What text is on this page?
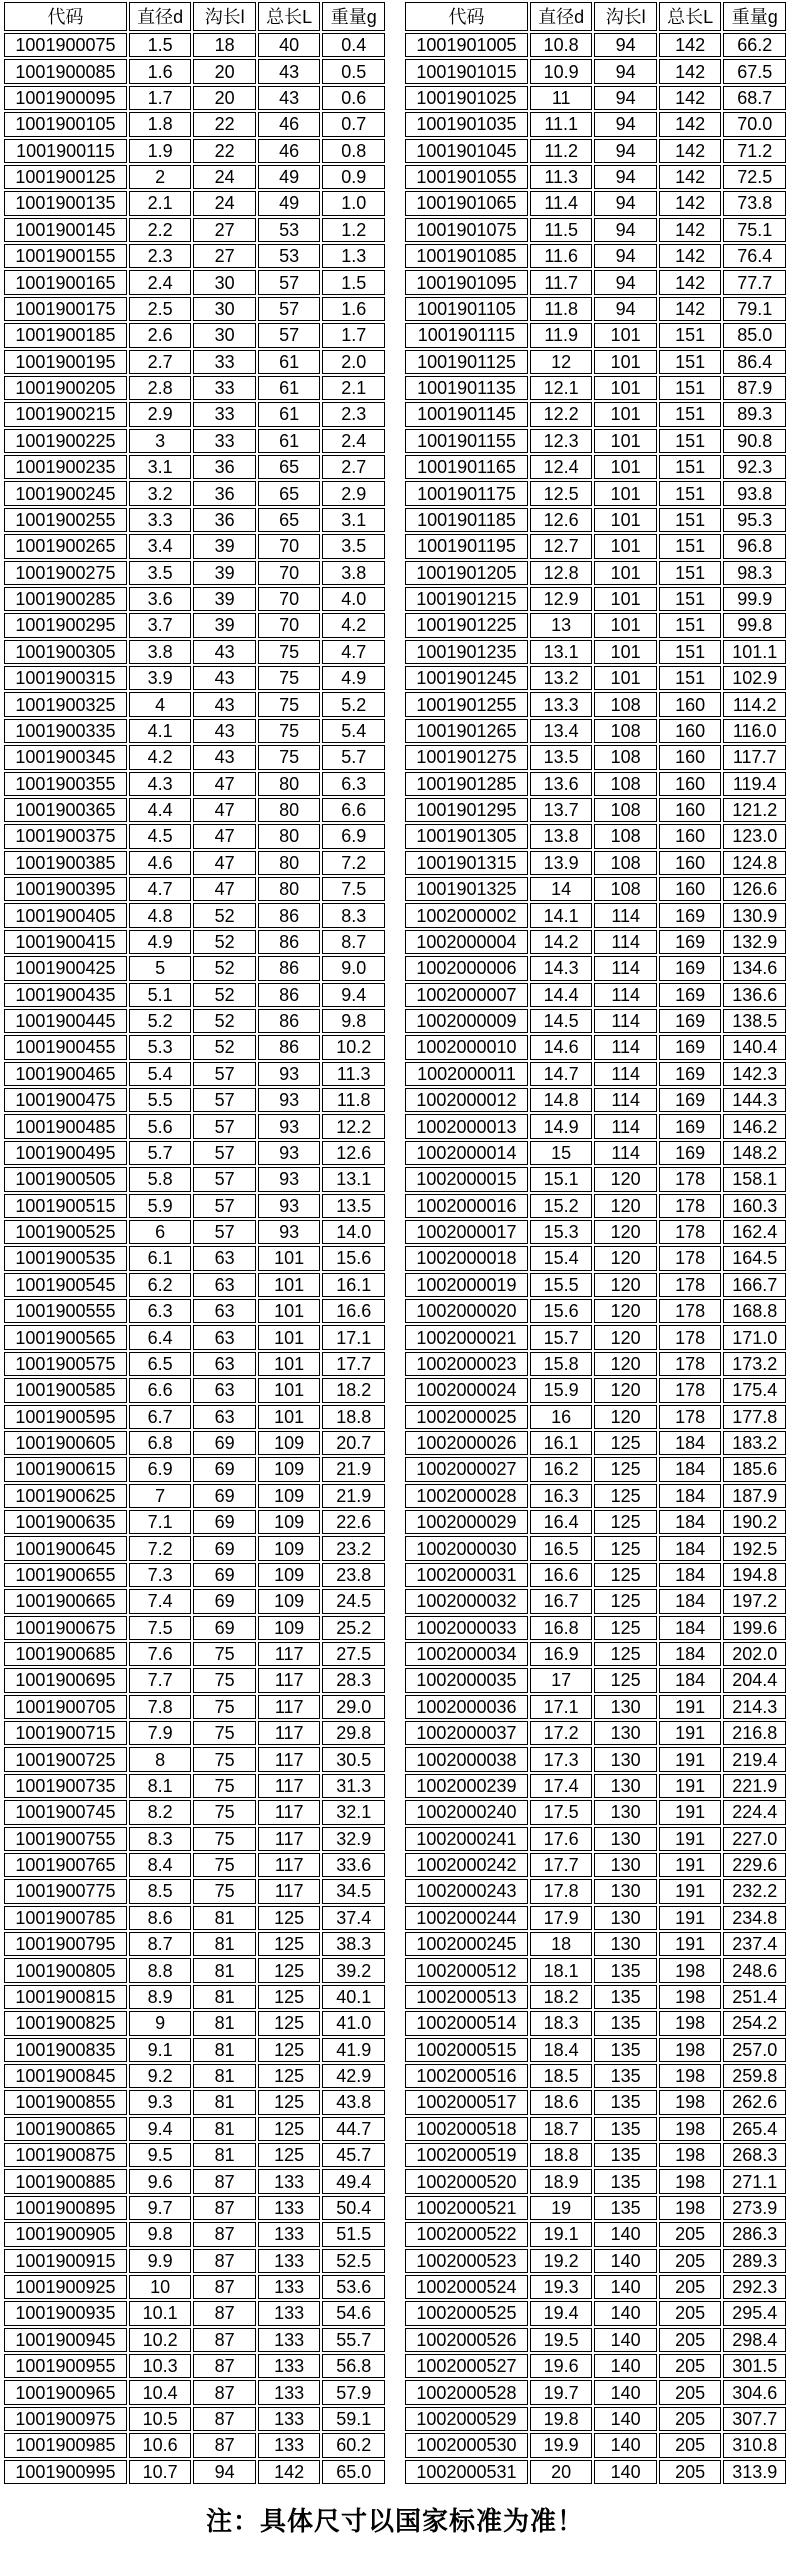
代码	直径d	沟长l	总长L	重量g
1001900075	1.5	18	40	0.4
1001900085	1.6	20	43	0.5
1001900095	1.7	20	43	0.6
1001900105	1.8	22	46	0.7
1001900115	1.9	22	46	0.8
1001900125	2	24	49	0.9
1001900135	2.1	24	49	1.0
1001900145	2.2	27	53	1.2
1001900155	2.3	27	53	1.3
1001900165	2.4	30	57	1.5
1001900175	2.5	30	57	1.6
1001900185	2.6	30	57	1.7
1001900195	2.7	33	61	2.0
1001900205	2.8	33	61	2.1
1001900215	2.9	33	61	2.3
1001900225	3	33	61	2.4
1001900235	3.1	36	65	2.7
1001900245	3.2	36	65	2.9
1001900255	3.3	36	65	3.1
1001900265	3.4	39	70	3.5
1001900275	3.5	39	70	3.8
1001900285	3.6	39	70	4.0
1001900295	3.7	39	70	4.2
1001900305	3.8	43	75	4.7
1001900315	3.9	43	75	4.9
1001900325	4	43	75	5.2
1001900335	4.1	43	75	5.4
1001900345	4.2	43	75	5.7
1001900355	4.3	47	80	6.3
1001900365	4.4	47	80	6.6
1001900375	4.5	47	80	6.9
1001900385	4.6	47	80	7.2
1001900395	4.7	47	80	7.5
1001900405	4.8	52	86	8.3
1001900415	4.9	52	86	8.7
1001900425	5	52	86	9.0
1001900435	5.1	52	86	9.4
1001900445	5.2	52	86	9.8
1001900455	5.3	52	86	10.2
1001900465	5.4	57	93	11.3
1001900475	5.5	57	93	11.8
1001900485	5.6	57	93	12.2
1001900495	5.7	57	93	12.6
1001900505	5.8	57	93	13.1
1001900515	5.9	57	93	13.5
1001900525	6	57	93	14.0
1001900535	6.1	63	101	15.6
1001900545	6.2	63	101	16.1
1001900555	6.3	63	101	16.6
1001900565	6.4	63	101	17.1
1001900575	6.5	63	101	17.7
1001900585	6.6	63	101	18.2
1001900595	6.7	63	101	18.8
1001900605	6.8	69	109	20.7
1001900615	6.9	69	109	21.9
1001900625	7	69	109	21.9
1001900635	7.1	69	109	22.6
1001900645	7.2	69	109	23.2
1001900655	7.3	69	109	23.8
1001900665	7.4	69	109	24.5
1001900675	7.5	69	109	25.2
1001900685	7.6	75	117	27.5
1001900695	7.7	75	117	28.3
1001900705	7.8	75	117	29.0
1001900715	7.9	75	117	29.8
1001900725	8	75	117	30.5
1001900735	8.1	75	117	31.3
1001900745	8.2	75	117	32.1
1001900755	8.3	75	117	32.9
1001900765	8.4	75	117	33.6
1001900775	8.5	75	117	34.5
1001900785	8.6	81	125	37.4
1001900795	8.7	81	125	38.3
1001900805	8.8	81	125	39.2
1001900815	8.9	81	125	40.1
1001900825	9	81	125	41.0
1001900835	9.1	81	125	41.9
1001900845	9.2	81	125	42.9
1001900855	9.3	81	125	43.8
1001900865	9.4	81	125	44.7
1001900875	9.5	81	125	45.7
1001900885	9.6	87	133	49.4
1001900895	9.7	87	133	50.4
1001900905	9.8	87	133	51.5
1001900915	9.9	87	133	52.5
1001900925	10	87	133	53.6
1001900935	10.1	87	133	54.6
1001900945	10.2	87	133	55.7
1001900955	10.3	87	133	56.8
1001900965	10.4	87	133	57.9
1001900975	10.5	87	133	59.1
1001900985	10.6	87	133	60.2
1001900995	10.7	94	142	65.0
代码	直径d	沟长l	总长L	重量g
1001901005	10.8	94	142	66.2
1001901015	10.9	94	142	67.5
1001901025	11	94	142	68.7
1001901035	11.1	94	142	70.0
1001901045	11.2	94	142	71.2
1001901055	11.3	94	142	72.5
1001901065	11.4	94	142	73.8
1001901075	11.5	94	142	75.1
1001901085	11.6	94	142	76.4
1001901095	11.7	94	142	77.7
1001901105	11.8	94	142	79.1
1001901115	11.9	101	151	85.0
1001901125	12	101	151	86.4
1001901135	12.1	101	151	87.9
1001901145	12.2	101	151	89.3
1001901155	12.3	101	151	90.8
1001901165	12.4	101	151	92.3
1001901175	12.5	101	151	93.8
1001901185	12.6	101	151	95.3
1001901195	12.7	101	151	96.8
1001901205	12.8	101	151	98.3
1001901215	12.9	101	151	99.9
1001901225	13	101	151	99.8
1001901235	13.1	101	151	101.1
1001901245	13.2	101	151	102.9
1001901255	13.3	108	160	114.2
1001901265	13.4	108	160	116.0
1001901275	13.5	108	160	117.7
1001901285	13.6	108	160	119.4
1001901295	13.7	108	160	121.2
1001901305	13.8	108	160	123.0
1001901315	13.9	108	160	124.8
1001901325	14	108	160	126.6
1002000002	14.1	114	169	130.9
1002000004	14.2	114	169	132.9
1002000006	14.3	114	169	134.6
1002000007	14.4	114	169	136.6
1002000009	14.5	114	169	138.5
1002000010	14.6	114	169	140.4
1002000011	14.7	114	169	142.3
1002000012	14.8	114	169	144.3
1002000013	14.9	114	169	146.2
1002000014	15	114	169	148.2
1002000015	15.1	120	178	158.1
1002000016	15.2	120	178	160.3
1002000017	15.3	120	178	162.4
1002000018	15.4	120	178	164.5
1002000019	15.5	120	178	166.7
1002000020	15.6	120	178	168.8
1002000021	15.7	120	178	171.0
1002000023	15.8	120	178	173.2
1002000024	15.9	120	178	175.4
1002000025	16	120	178	177.8
1002000026	16.1	125	184	183.2
1002000027	16.2	125	184	185.6
1002000028	16.3	125	184	187.9
1002000029	16.4	125	184	190.2
1002000030	16.5	125	184	192.5
1002000031	16.6	125	184	194.8
1002000032	16.7	125	184	197.2
1002000033	16.8	125	184	199.6
1002000034	16.9	125	184	202.0
1002000035	17	125	184	204.4
1002000036	17.1	130	191	214.3
1002000037	17.2	130	191	216.8
1002000038	17.3	130	191	219.4
1002000239	17.4	130	191	221.9
1002000240	17.5	130	191	224.4
1002000241	17.6	130	191	227.0
1002000242	17.7	130	191	229.6
1002000243	17.8	130	191	232.2
1002000244	17.9	130	191	234.8
1002000245	18	130	191	237.4
1002000512	18.1	135	198	248.6
1002000513	18.2	135	198	251.4
1002000514	18.3	135	198	254.2
1002000515	18.4	135	198	257.0
1002000516	18.5	135	198	259.8
1002000517	18.6	135	198	262.6
1002000518	18.7	135	198	265.4
1002000519	18.8	135	198	268.3
1002000520	18.9	135	198	271.1
1002000521	19	135	198	273.9
1002000522	19.1	140	205	286.3
1002000523	19.2	140	205	289.3
1002000524	19.3	140	205	292.3
1002000525	19.4	140	205	295.4
1002000526	19.5	140	205	298.4
1002000527	19.6	140	205	301.5
1002000528	19.7	140	205	304.6
1002000529	19.8	140	205	307.7
1002000530	19.9	140	205	310.8
1002000531	20	140	205	313.9
注：具体尺寸以国家标准为准！
